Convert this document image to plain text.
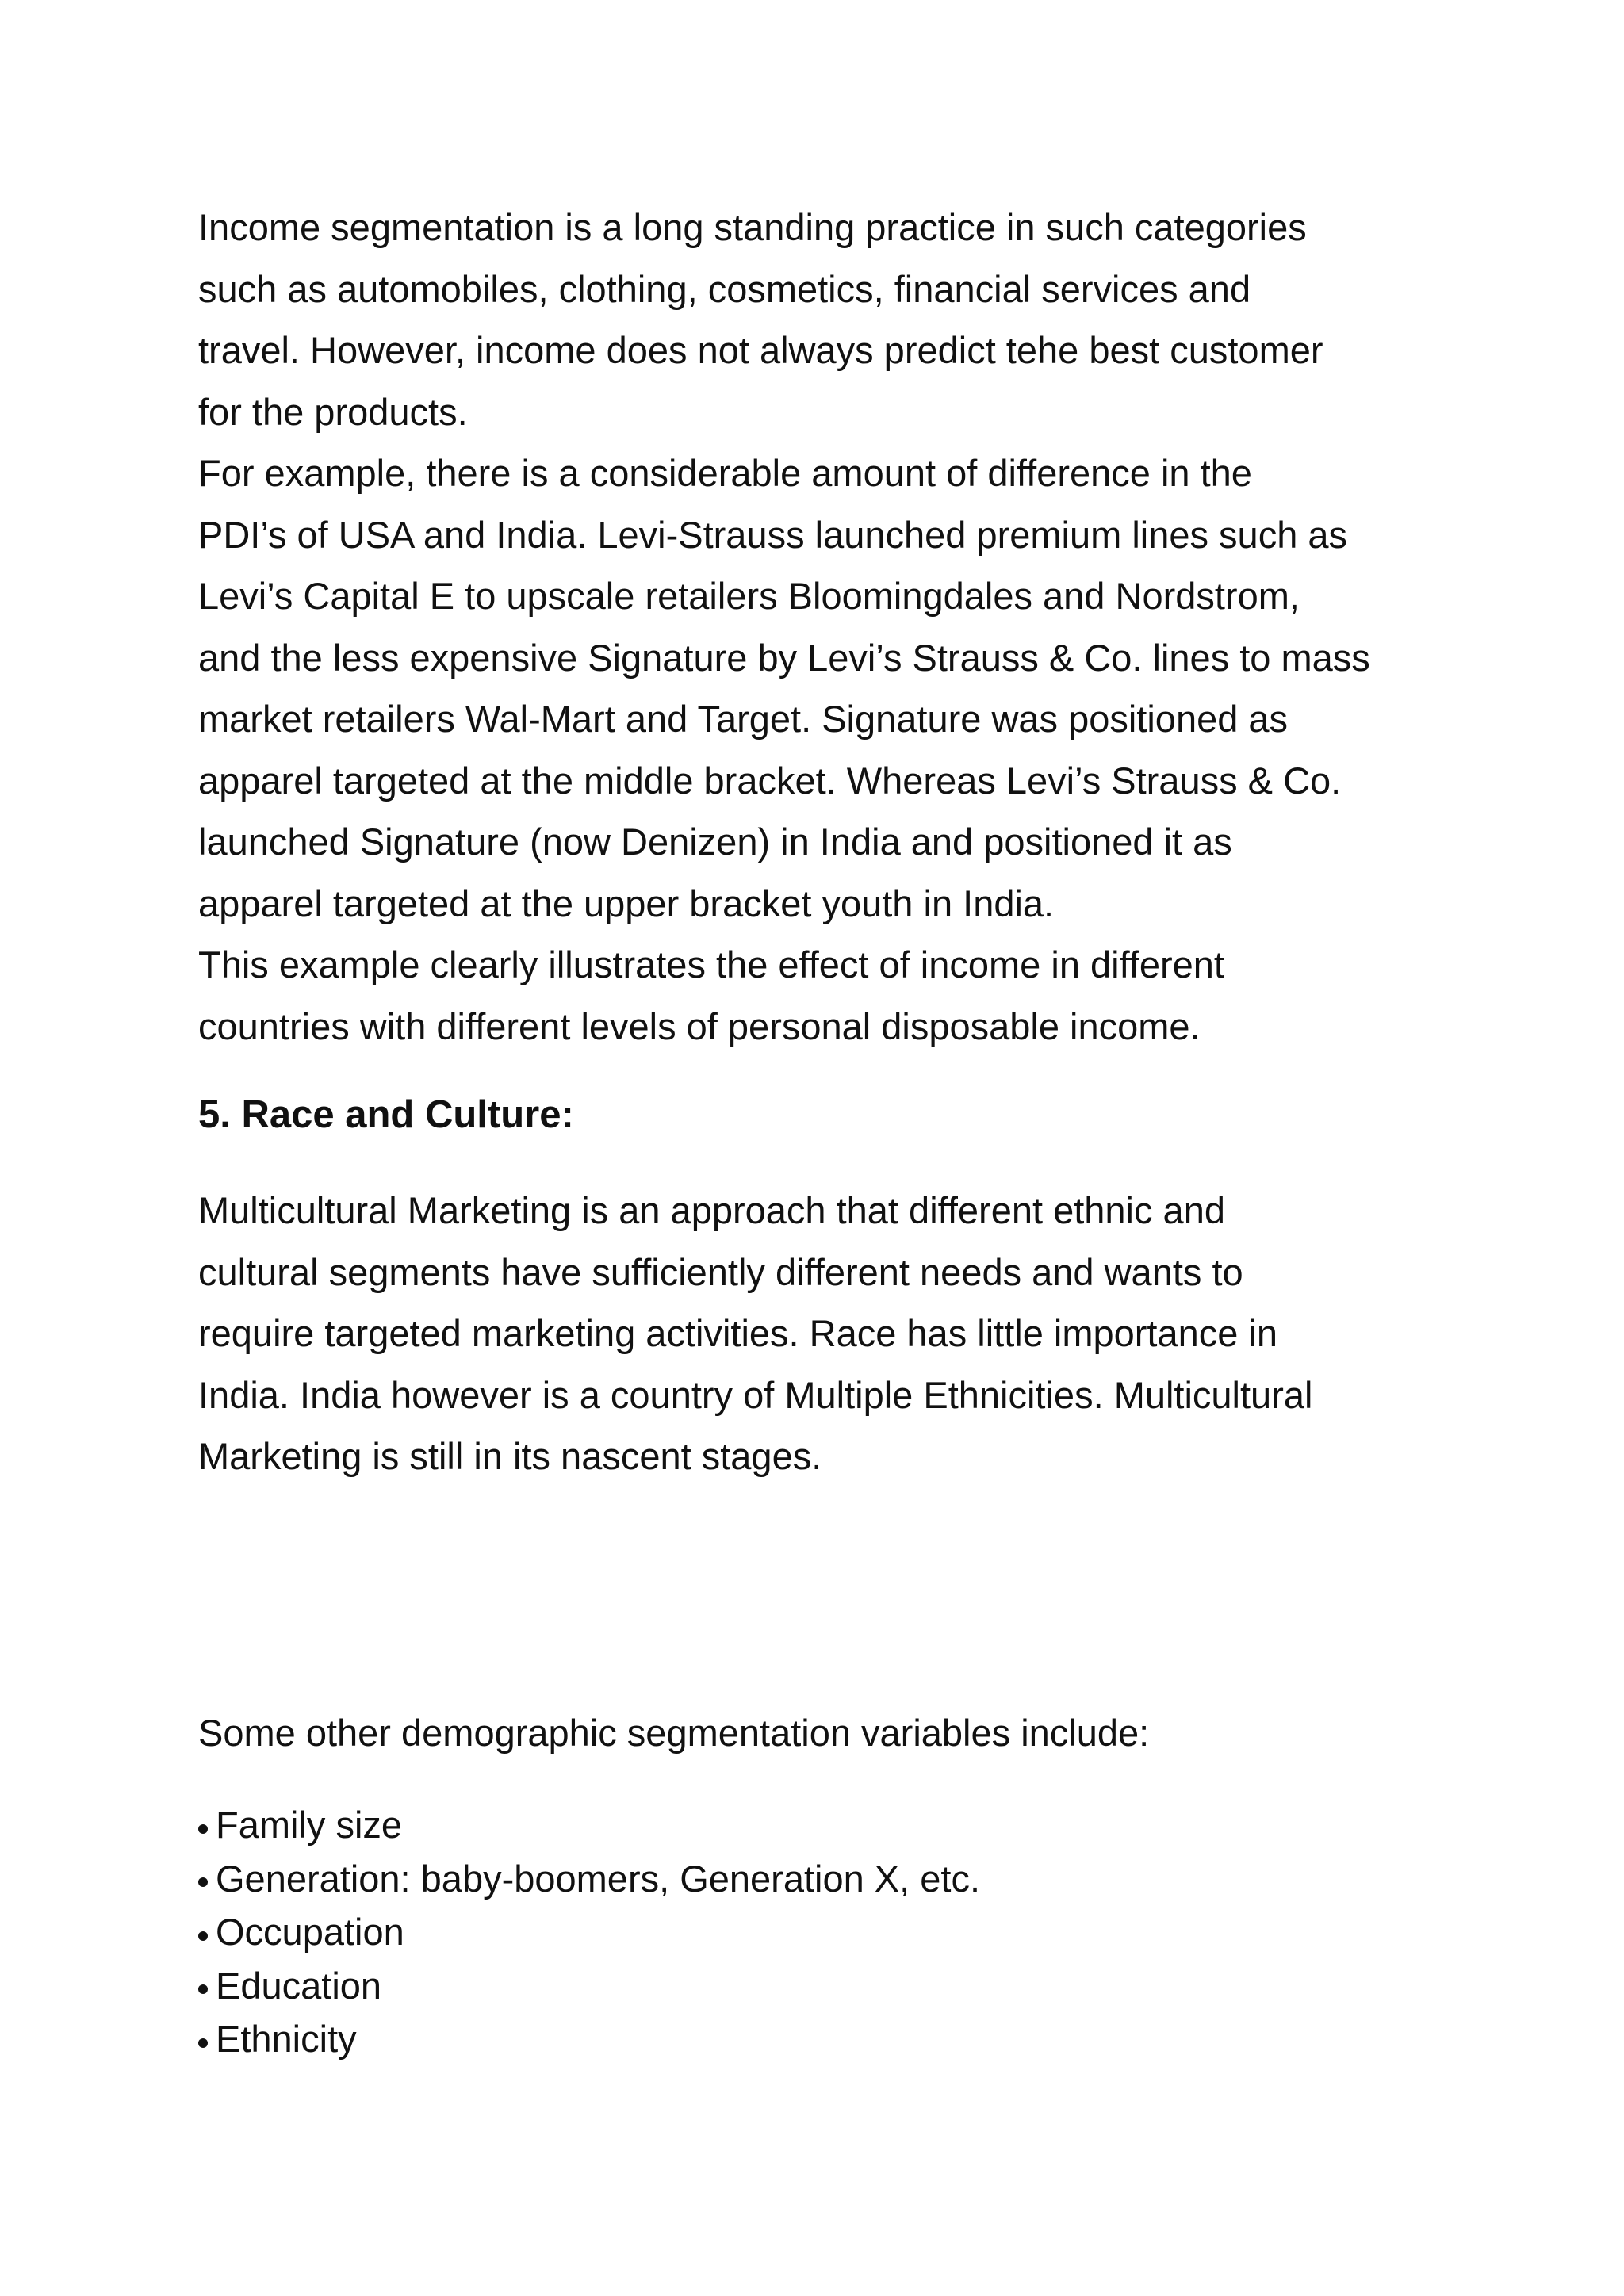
Income segmentation is a long standing practice in such categories

such as automobiles, clothing, cosmetics, financial services and

travel. However, income does not always predict tehe best customer

for the products.

For example, there is a considerable amount of difference in the

PDI’s of USA and India. Levi-Strauss launched premium lines such as

Levi’s Capital E to upscale retailers Bloomingdales and Nordstrom,

and the less expensive Signature by Levi’s Strauss & Co. lines to mass

market retailers Wal-Mart and Target. Signature was positioned as

apparel targeted at the middle bracket. Whereas Levi’s Strauss & Co.

launched Signature (now Denizen) in India and positioned it as

apparel targeted at the upper bracket youth in India.

This example clearly illustrates the effect of income in different

countries with different levels of personal disposable income.

5. Race and Culture:

Multicultural Marketing is an approach that different ethnic and

cultural segments have sufficiently different needs and wants to

require targeted marketing activities. Race has little importance in

India. India however is a country of Multiple Ethnicities. Multicultural

Marketing is still in its nascent stages.

Some other demographic segmentation variables include:

Family size
Generation: baby-boomers, Generation X, etc.
Occupation
Education
Ethnicity
